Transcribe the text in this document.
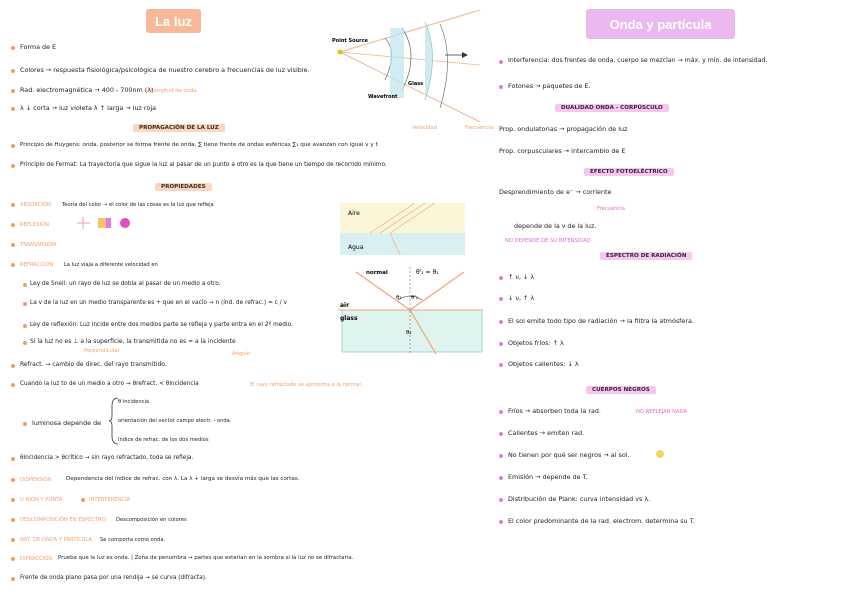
La luz	Onda y partícula
Forma de E
Colores → respuesta fisiológica/psicológica de nuestro cerebro a frecuencias de luz visible.
Rad. electromagnética → 400 - 700nm (λ)
→ Longitud de onda.
λ ↓ corta → luz violeta λ ↑ larga → luz roja
PROPAGACIÓN DE LA LUZ	Velocidad	Frecuencia
Principio de Huygens: onda, posterior se forma frente de onda, ∑ tiene frente de ondas esféricas ∑₁ que avanzan con igual v y f.
Principio de Fermat: La trayectoria que sigue la luz al pasar de un punto a otro es la que tiene un tiempo de recorrido mínimo.
PROPIEDADES
ABSORCIÓN Teoría del color → el color de las cosas es la luz que refleja
REFLEXIÓN
TRANSMISIÓN
REFRACCIÓN La luz viaja a diferente velocidad en
Ley de Snell: un rayo de luz se dobla al pasar de un medio a otro.
La v de la luz en un medio transparente es + que en el vacío → n (índ. de refrac.) = c / v
Ley de reflexión: Luz incide entre dos medios parte se refleja y parte entra en el 2º medio.
Si la luz no es ⊥ a la superficie, la transmitida no es = a la incidente
Perpendicular
Refract. → cambio de direc. del rayo transmitido.
Ángulo
Cuando la luz to de un medio a otro → θrefract. < θincidencia	El rayo refractado se aproxima a la normal.
luminosa depende de
θ incidencia
orientación del vector campo electr. - onda.
índice de refrac. de los dos medios
θincidencia > θcrítico → sin rayo refractado, toda se refleja.
DISPERSIÓN	Dependencia del índice de refrac. con λ. La λ + larga se desvía más que las cortas.
U NIÓN Y PUNTA	INTERFERENCIA
DESCOMPOSICIÓN EN ESPECTRO Descomposición en colores
NAT. DE ONDA Y PARTÍCULA Se comporta como onda.
DIFRACCIÓN Prueba que la luz es onda. | Zona de penumbra → partes que estarían en la sombra si la luz no se difractaría.
Frente de onda plano pasa por una rendija → se curva (difracta).
Point Source
Wavefront
Glass
Aire
Agua
air
glass
normal	θ'₁ = θ₁
θ₁ θ'₁
θ₂
Interferencia: dos frentes de onda, cuerpo se mezclan → máx. y mín. de intensidad.
Fotones → paquetes de E.
DUALIDAD ONDA - CORPÚSCULO
Prop. ondulatorias → propagación de luz
Prop. corpusculares → intercambio de E
EFECTO FOTOELÉCTRICO
Desprendimiento de e⁻ → corriente
depende de la ν de la luz.
Frecuencia
NO DEPENDE DE SU INTENSIDAD
ESPECTRO DE RADIACIÓN
↑ ν, ↓ λ
↓ ν, ↑ λ
El sol emite todo tipo de radiación → la filtra la atmósfera.
Objetos fríos: ↑ λ
Objetos calientes: ↓ λ
CUERPOS NEGROS
Fríos → absorben toda la rad.	NO REFLEJAN NADA
Calientes → emiten rad.
No tienen por qué ser negros → al sol.
Emisión → depende de T.
Distribución de Plank: curva intensidad vs λ.
El color predominante de la rad. electrom. determina su T.
